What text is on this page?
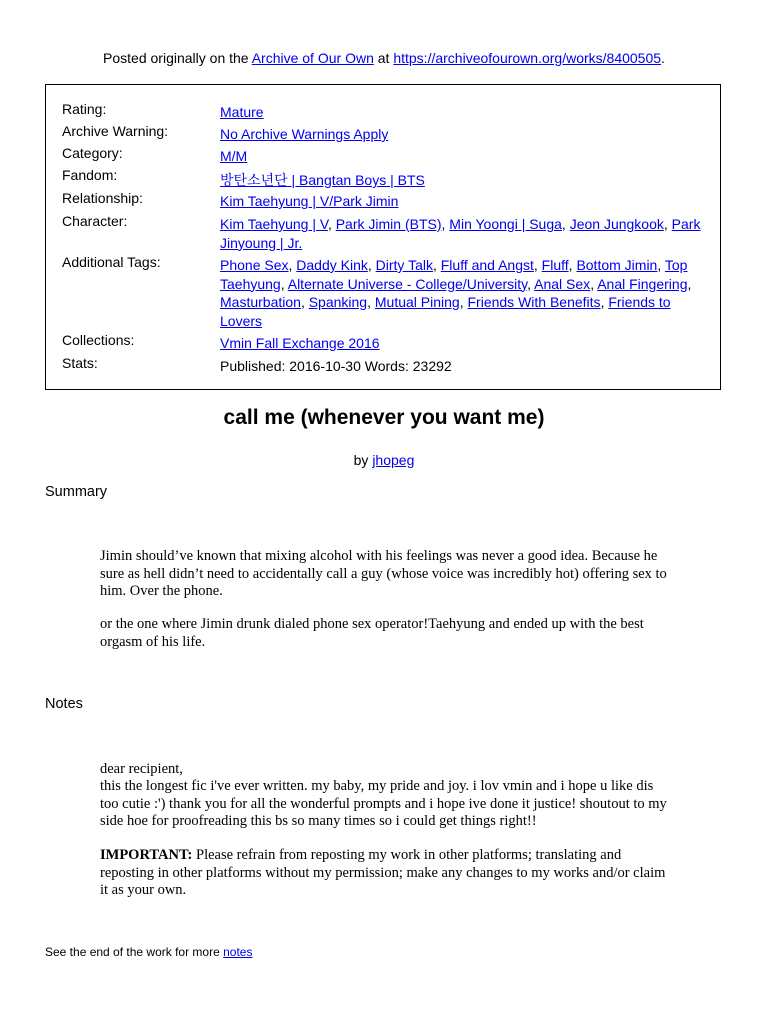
Posted originally on the Archive of Our Own at https://archiveofourown.org/works/8400505.
Rating:	Mature
Archive Warning:	No Archive Warnings Apply
Category:	M/M
Fandom:	방탄소년단 | Bangtan Boys | BTS
Relationship:	Kim Taehyung | V/Park Jimin
Character:	Kim Taehyung | V, Park Jimin (BTS), Min Yoongi | Suga, Jeon Jungkook, Park Jinyoung | Jr.
Additional Tags:	Phone Sex, Daddy Kink, Dirty Talk, Fluff and Angst, Fluff, Bottom Jimin, Top Taehyung, Alternate Universe - College/University, Anal Sex, Anal Fingering, Masturbation, Spanking, Mutual Pining, Friends With Benefits, Friends to Lovers
Collections:	Vmin Fall Exchange 2016
Stats:	Published: 2016-10-30 Words: 23292
call me (whenever you want me)
by jhopeg
Summary
Jimin should’ve known that mixing alcohol with his feelings was never a good idea. Because he sure as hell didn’t need to accidentally call a guy (whose voice was incredibly hot) offering sex to him. Over the phone.
or the one where Jimin drunk dialed phone sex operator!Taehyung and ended up with the best orgasm of his life.
Notes
dear recipient,
this the longest fic i've ever written. my baby, my pride and joy. i lov vmin and i hope u like dis too cutie :') thank you for all the wonderful prompts and i hope ive done it justice! shoutout to my side hoe for proofreading this bs so many times so i could get things right!!
IMPORTANT: Please refrain from reposting my work in other platforms; translating and reposting in other platforms without my permission; make any changes to my works and/or claim it as your own.
See the end of the work for more notes
